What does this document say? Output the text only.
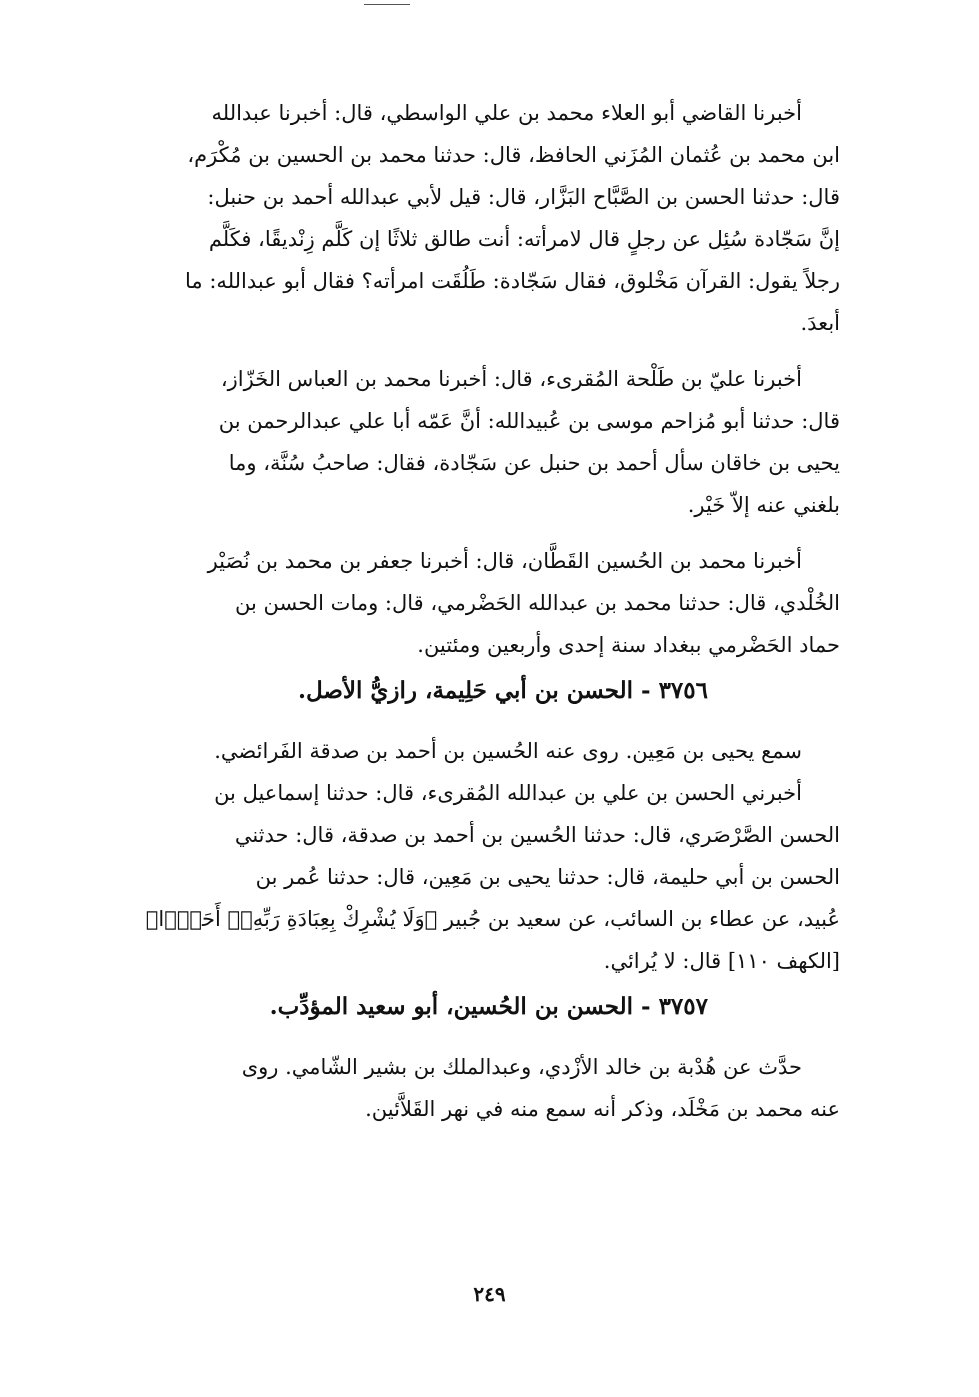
أخبرنا القاضي أبو العلاء محمد بن علي الواسطي، قال: أخبرنا عبدالله
ابن محمد بن عُثمان المُزَني الحافظ، قال: حدثنا محمد بن الحسين بن مُكْرَم،
قال: حدثنا الحسن بن الصَّبَّاح البَزَّار، قال: قيل لأبي عبدالله أحمد بن حنبل:
إنَّ سَجّادة سُئِل عن رجلٍ قال لامرأته: أنت طالق ثلاثًا إن كَلَّم زِنْديقًا، فكَلَّم
رجلاً يقول: القرآن مَخْلوق، فقال سَجّادة: طَلُقَت امرأته؟ فقال أبو عبدالله: ما
أبعدَ.
أخبرنا عليّ بن طَلْحة المُقرىء، قال: أخبرنا محمد بن العباس الخَزّاز،
قال: حدثنا أبو مُزاحم موسى بن عُبيدالله: أنَّ عَمّه أبا علي عبدالرحمن بن
يحيى بن خاقان سأل أحمد بن حنبل عن سَجّادة، فقال: صاحبُ سُنَّة، وما
بلغني عنه إلاّ خَيْر.
أخبرنا محمد بن الحُسين القَطَّان، قال: أخبرنا جعفر بن محمد بن نُصَيْر
الخُلْدي، قال: حدثنا محمد بن عبدالله الحَضْرمي، قال: ومات الحسن بن
حماد الحَضْرمي ببغداد سنة إحدى وأربعين ومئتين.
٣٧٥٦ - الحسن بن أبي حَلِيمة، رازيُّ الأصل.
سمع يحيى بن مَعِين. روى عنه الحُسين بن أحمد بن صدقة الفَرائضي.
أخبرني الحسن بن علي بن عبدالله المُقرىء، قال: حدثنا إسماعيل بن
الحسن الصَّرْصَري، قال: حدثنا الحُسين بن أحمد بن صدقة، قال: حدثني
الحسن بن أبي حليمة، قال: حدثنا يحيى بن مَعِين، قال: حدثنا عُمر بن
عُبيد، عن عطاء بن السائب، عن سعيد بن جُبير ﴿وَلَا يُشْرِكْ بِعِبَادَةِ رَبِّهِۦٓ أَحَدًۢا﴾
[الكهف ١١٠] قال: لا يُرائي.
٣٧٥٧ - الحسن بن الحُسين، أبو سعيد المؤدِّب.
حدَّث عن هُدْبة بن خالد الأزْدي، وعبدالملك بن بشير الشّامي. روى
عنه محمد بن مَخْلَد، وذكر أنه سمع منه في نهر القَلاَّئين.
٢٤٩
